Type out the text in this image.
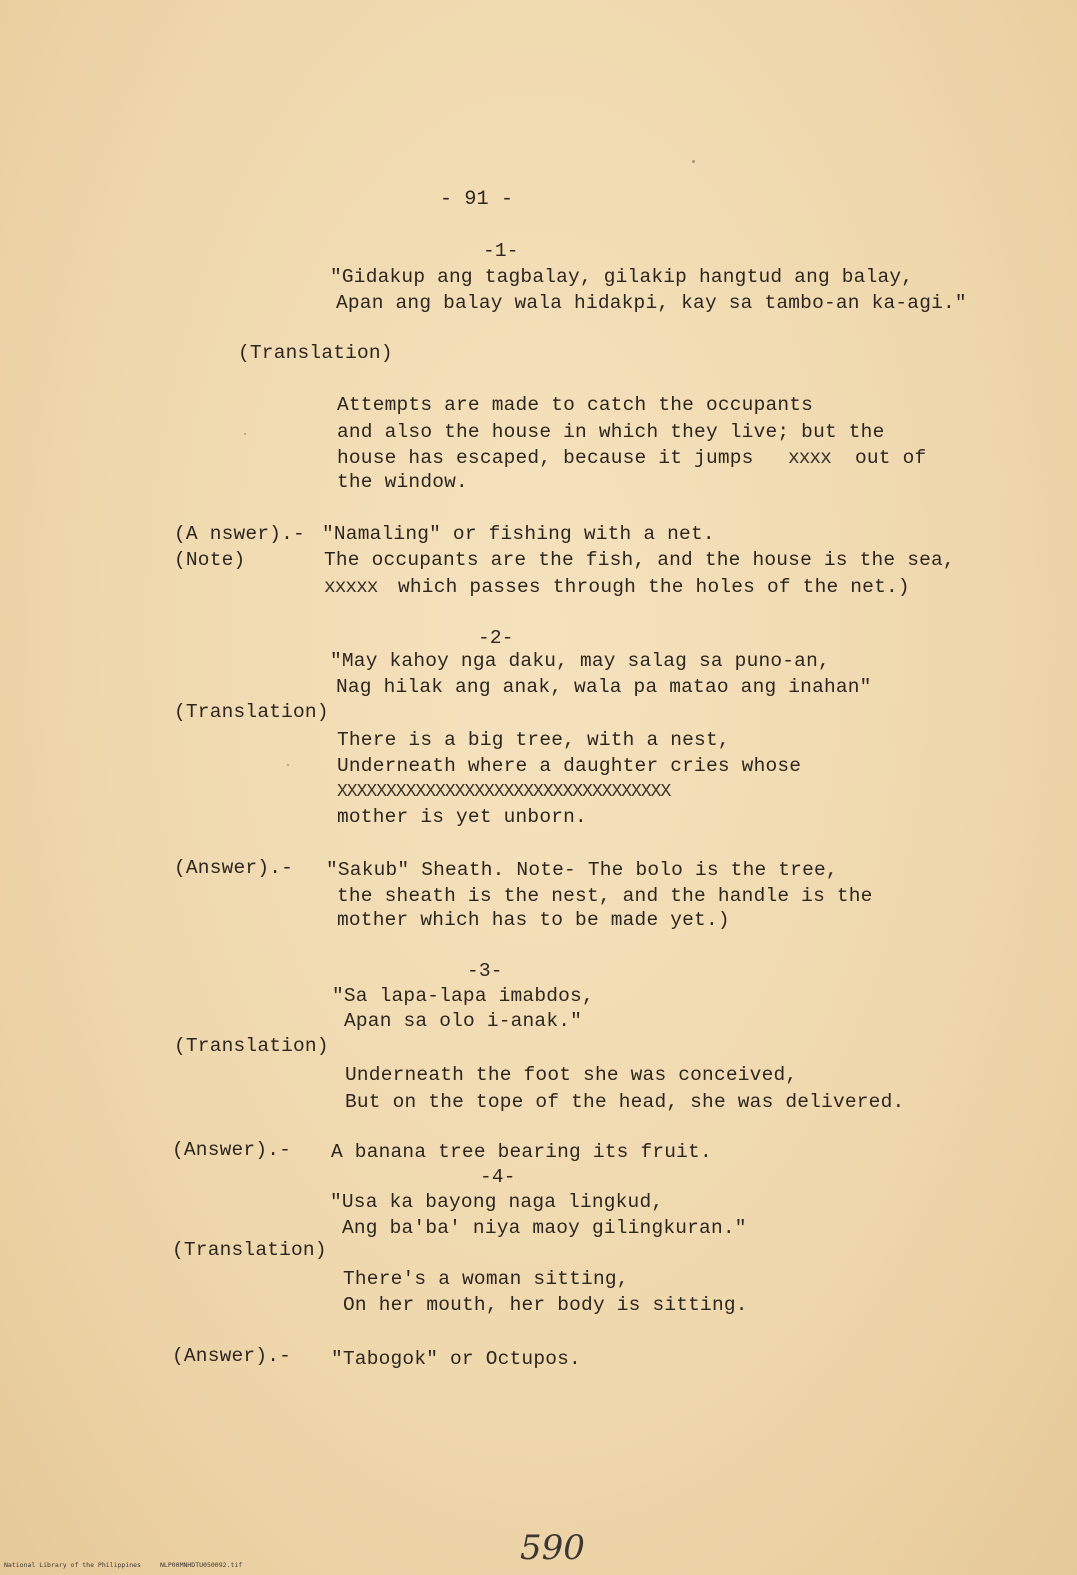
- 91 -
-1-
"Gidakup ang tagbalay, gilakip hangtud ang balay,
Apan ang balay wala hidakpi, kay sa tambo-an ka-agi."
(Translation)
Attempts are made to catch the occupants
and also the house in which they live; but the
house has escaped, because it jumps xxxx out of
the window.
(A nswer).- "Namaling" or fishing with a net.
(Note)	The occupants are the fish, and the house is the sea,
xxxxx which passes through the holes of the net.)
-2-
"May kahoy nga daku, may salag sa puno-an,
Nag hilak ang anak, wala pa matao ang inahan"
(Translation)
There is a big tree, with a nest,
Underneath where a daughter cries whose
XXXXXXXXXXXXXXXXXXXXXXXXXXXXXXXXXX
mother is yet unborn.
(Answer).- "Sakub" Sheath. Note- The bolo is the tree,
the sheath is the nest, and the handle is the
mother which has to be made yet.)
-3-
"Sa lapa-lapa imabdos,
Apan sa olo i-anak."
(Translation)
Underneath the foot she was conceived,
But on the tope of the head, she was delivered.
(Answer).- A banana tree bearing its fruit.
-4-
"Usa ka bayong naga lingkud,
Ang ba'ba' niya maoy gilingkuran."
(Translation)
There's a woman sitting,
On her mouth, her body is sitting.
(Answer).- "Tabogok" or Octupos.
590
National Library of the Philippines	NLP00MNHDTU050092.tif
